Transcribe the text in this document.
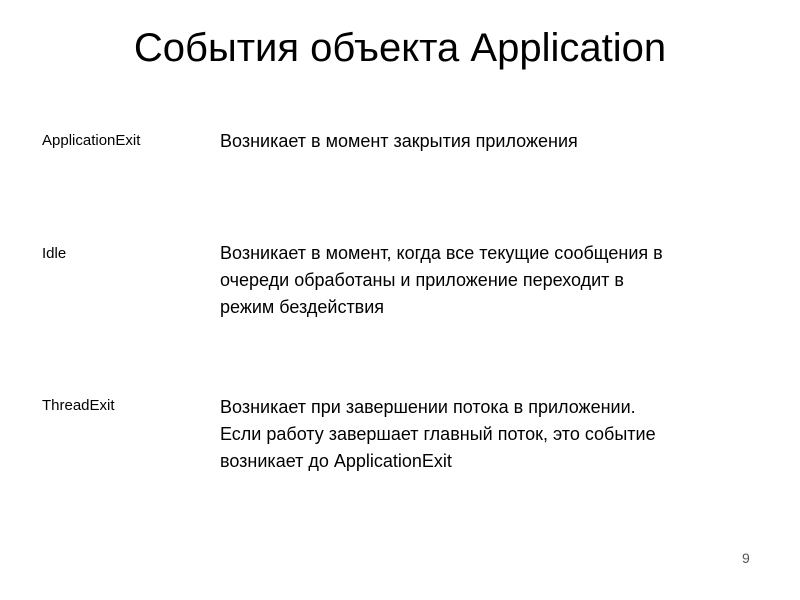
События объекта Application
ApplicationExit	Возникает в момент закрытия приложения
Idle	Возникает в момент, когда все текущие сообщения в
очереди обработаны и приложение переходит в
режим бездействия
ThreadExit	Возникает при завершении потока в приложении.
Если работу завершает главный поток, это событие
возникает до ApplicationExit
9
